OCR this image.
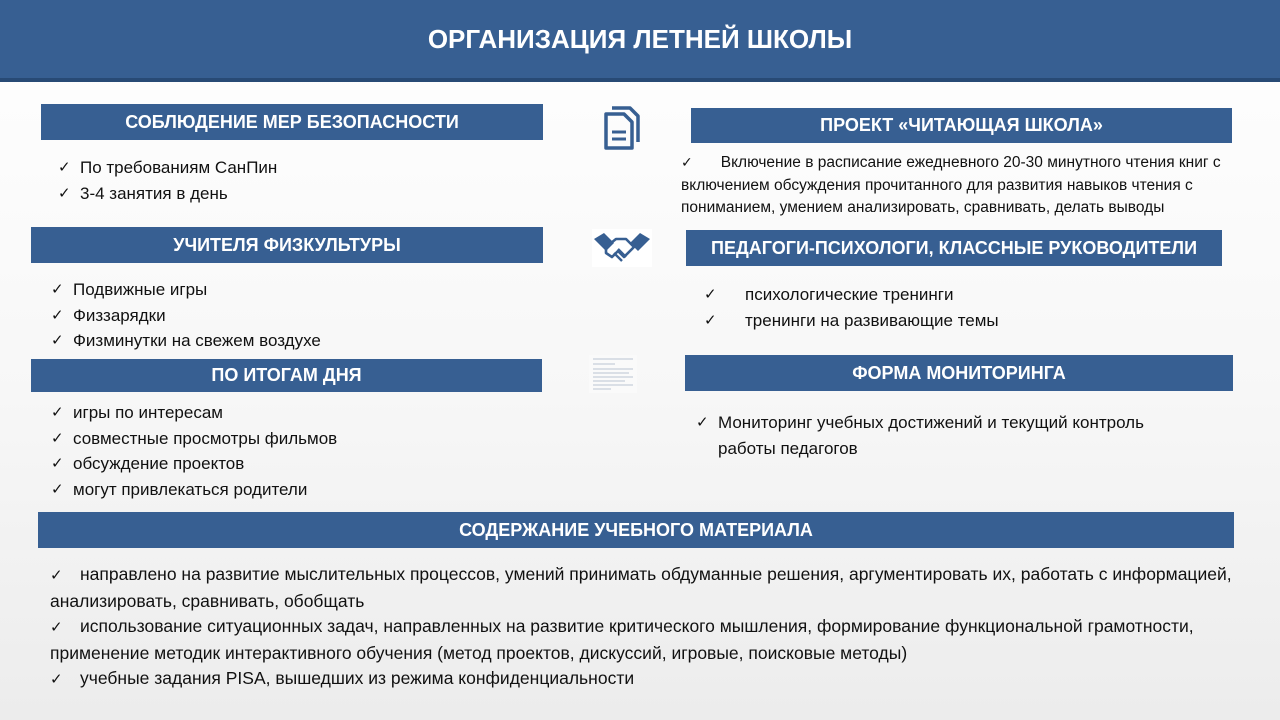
ОРГАНИЗАЦИЯ ЛЕТНЕЙ ШКОЛЫ
СОБЛЮДЕНИЕ МЕР БЕЗОПАСНОСТИ
✓ По требованиям СанПин
✓ 3-4 занятия в день
УЧИТЕЛЯ ФИЗКУЛЬТУРЫ
✓ Подвижные игры
✓ Физзарядки
✓ Физминутки на свежем воздухе
ПО ИТОГАМ ДНЯ
✓ игры по интересам
✓ совместные просмотры фильмов
✓ обсуждение проектов
✓ могут привлекаться родители
ПРОЕКТ «ЧИТАЮЩАЯ ШКОЛА»
✓ Включение в расписание ежедневного 20-30 минутного чтения книг с
включением обсуждения прочитанного для развития навыков чтения с
пониманием, умением анализировать, сравнивать, делать выводы
ПЕДАГОГИ-ПСИХОЛОГИ, КЛАССНЫЕ РУКОВОДИТЕЛИ
✓ психологические тренинги
✓ тренинги на развивающие темы
ФОРМА МОНИТОРИНГА
✓ Мониторинг учебных достижений и текущий контроль
работы педагогов
СОДЕРЖАНИЕ УЧЕБНОГО МАТЕРИАЛА
✓ направлено на развитие мыслительных процессов, умений принимать обдуманные решения, аргументировать их, работать с информацией,
анализировать, сравнивать, обобщать
✓ использование ситуационных задач, направленных на развитие критического мышления, формирование функциональной грамотности,
применение методик интерактивного обучения (метод проектов, дискуссий, игровые, поисковые методы)
✓ учебные задания PISA, вышедших из режима конфиденциальности
